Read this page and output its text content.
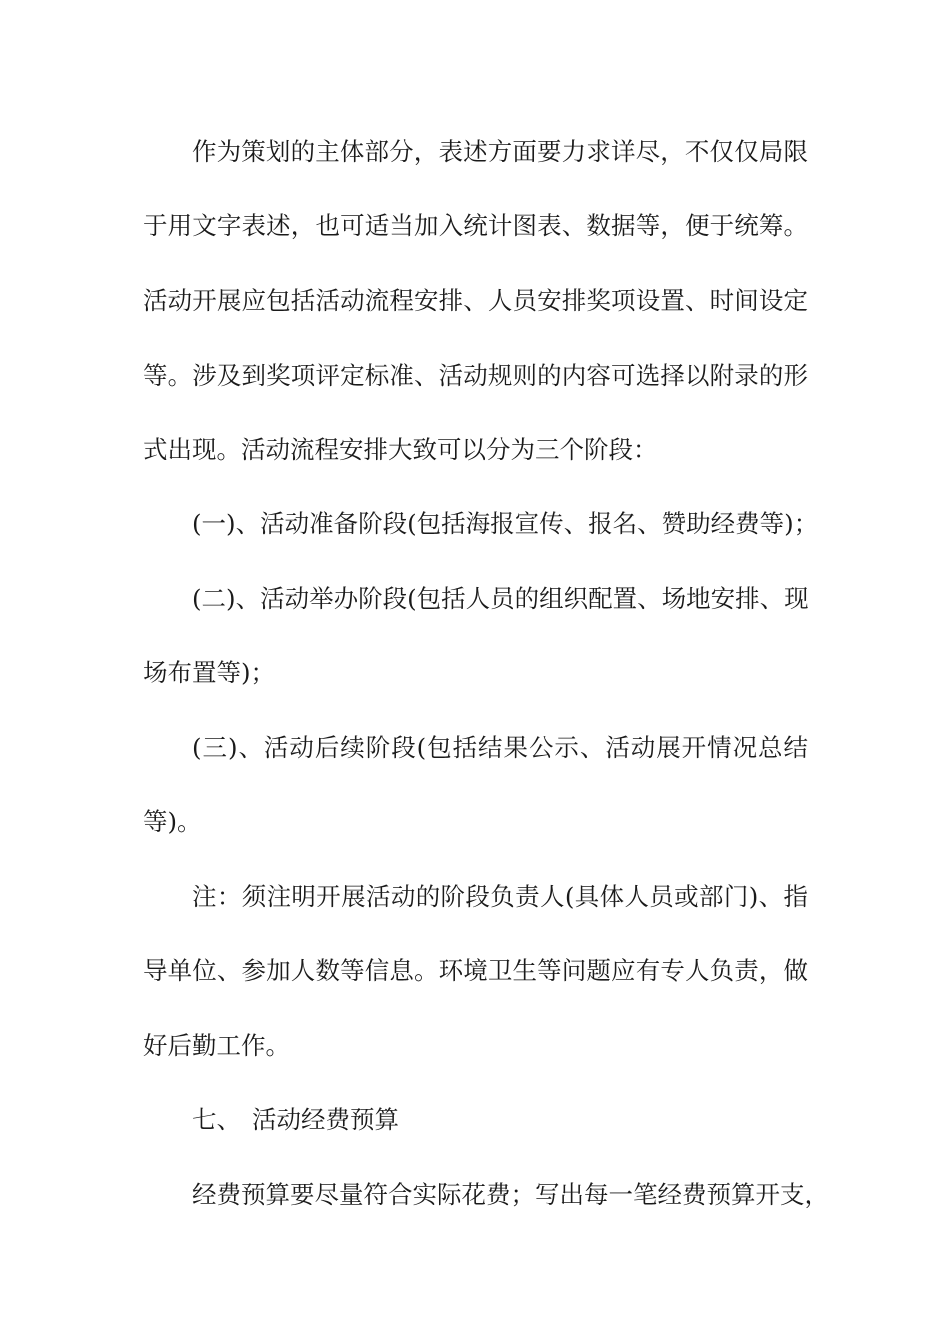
作为策划的主体部分，表述方面要力求详尽，不仅仅局限

于用文字表述，也可适当加入统计图表、数据等，便于统筹。

活动开展应包括活动流程安排、人员安排奖项设置、时间设定

等。涉及到奖项评定标准、活动规则的内容可选择以附录的形

式出现。活动流程安排大致可以分为三个阶段：

(一)、活动准备阶段(包括海报宣传、报名、赞助经费等)；

(二)、活动举办阶段(包括人员的组织配置、场地安排、现

场布置等)；

(三)、活动后续阶段(包括结果公示、活动展开情况总结

等)。

注：须注明开展活动的阶段负责人(具体人员或部门)、指

导单位、参加人数等信息。环境卫生等问题应有专人负责，做

好后勤工作。

七、 活动经费预算

经费预算要尽量符合实际花费；写出每一笔经费预算开支，
